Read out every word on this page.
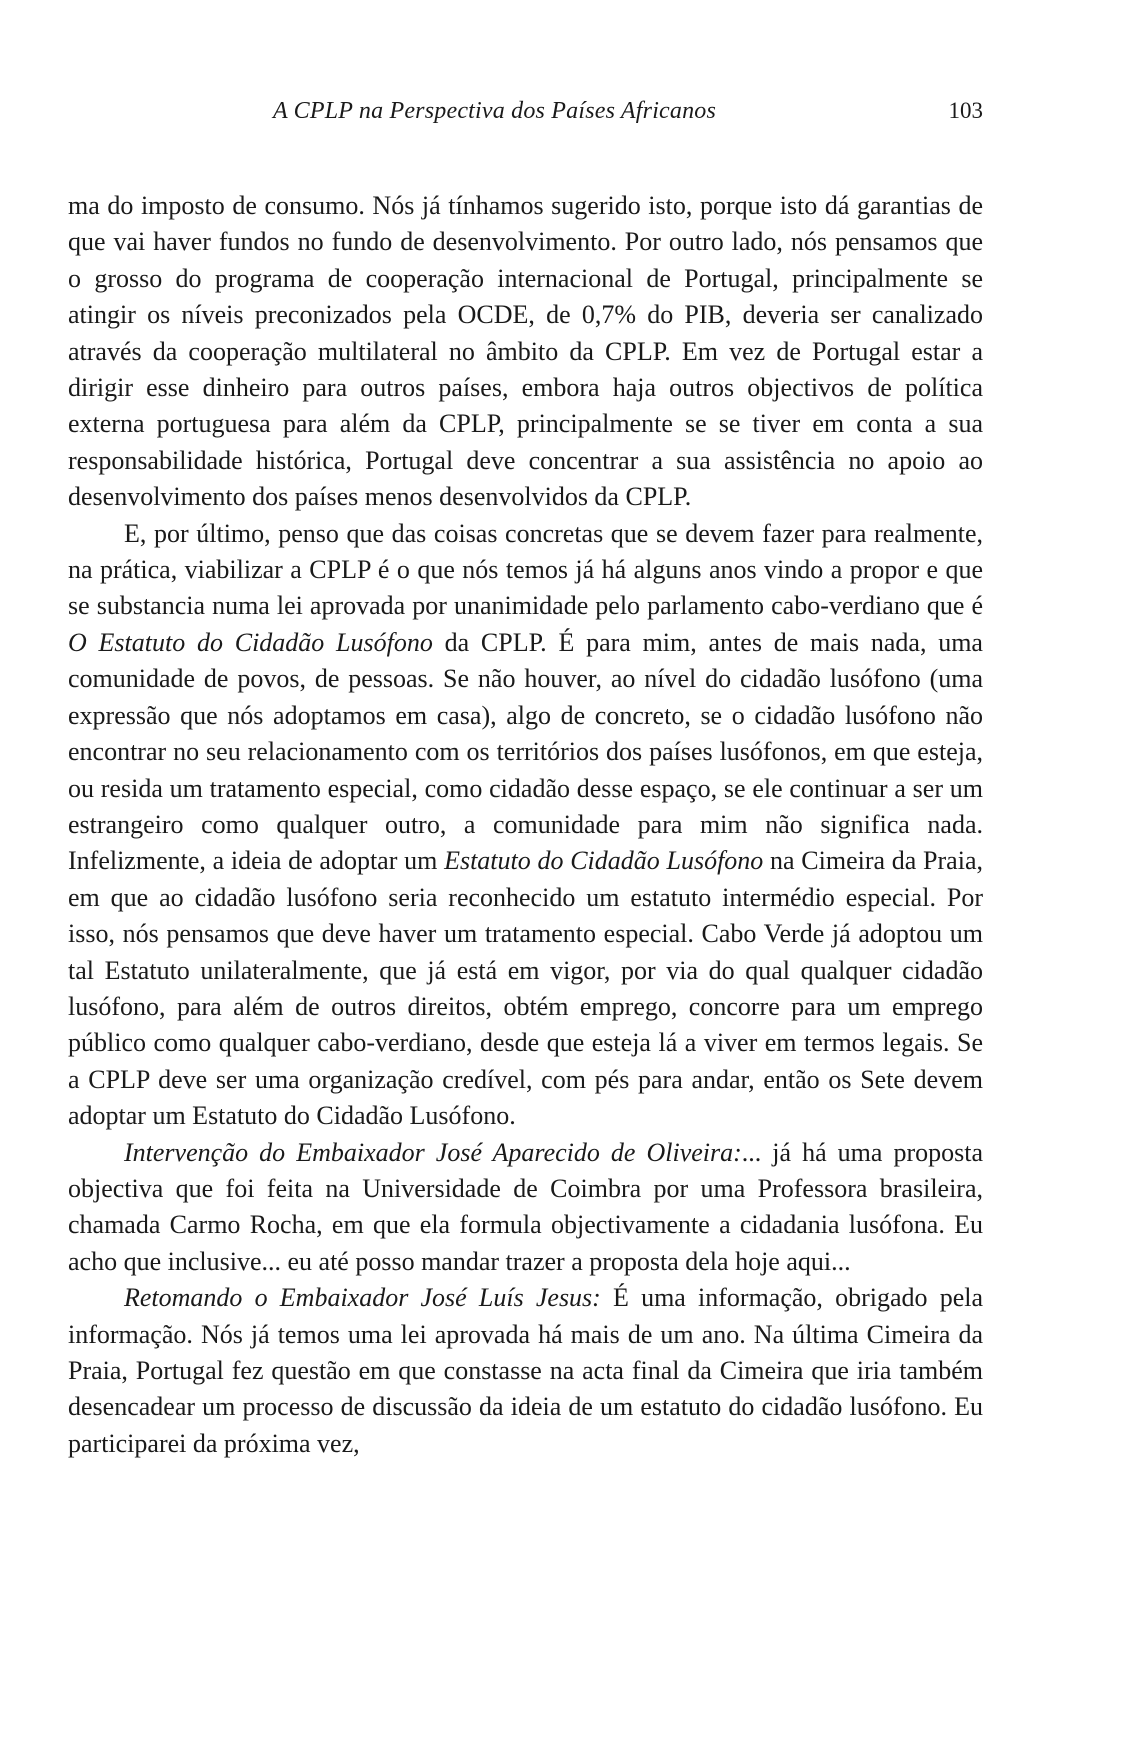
A CPLP na Perspectiva dos Países Africanos	103

ma do imposto de consumo. Nós já tínhamos sugerido isto, porque isto dá garantias de que vai haver fundos no fundo de desenvolvimento. Por outro lado, nós pensamos que o grosso do programa de cooperação internacional de Portugal, principalmente se atingir os níveis preconizados pela OCDE, de 0,7% do PIB, deveria ser canalizado através da cooperação multilateral no âmbito da CPLP. Em vez de Portugal estar a dirigir esse dinheiro para outros países, embora haja outros objectivos de política externa portuguesa para além da CPLP, principalmente se se tiver em conta a sua responsabilidade histórica, Portugal deve concentrar a sua assistência no apoio ao desenvolvimento dos países menos desenvolvidos da CPLP.

E, por último, penso que das coisas concretas que se devem fazer para realmente, na prática, viabilizar a CPLP é o que nós temos já há alguns anos vindo a propor e que se substancia numa lei aprovada por unanimidade pelo parlamento cabo-verdiano que é O Estatuto do Cidadão Lusófono da CPLP. É para mim, antes de mais nada, uma comunidade de povos, de pessoas. Se não houver, ao nível do cidadão lusófono (uma expressão que nós adoptamos em casa), algo de concreto, se o cidadão lusófono não encontrar no seu relacionamento com os territórios dos países lusófonos, em que esteja, ou resida um tratamento especial, como cidadão desse espaço, se ele continuar a ser um estrangeiro como qualquer outro, a comunidade para mim não significa nada. Infelizmente, a ideia de adoptar um Estatuto do Cidadão Lusófono na Cimeira da Praia, em que ao cidadão lusófono seria reconhecido um estatuto intermédio especial. Por isso, nós pensamos que deve haver um tratamento especial. Cabo Verde já adoptou um tal Estatuto unilateralmente, que já está em vigor, por via do qual qualquer cidadão lusófono, para além de outros direitos, obtém emprego, concorre para um emprego público como qualquer cabo-verdiano, desde que esteja lá a viver em termos legais. Se a CPLP deve ser uma organização credível, com pés para andar, então os Sete devem adoptar um Estatuto do Cidadão Lusófono.

Intervenção do Embaixador José Aparecido de Oliveira:... já há uma proposta objectiva que foi feita na Universidade de Coimbra por uma Professora brasileira, chamada Carmo Rocha, em que ela formula objectivamente a cidadania lusófona. Eu acho que inclusive... eu até posso mandar trazer a proposta dela hoje aqui...

Retomando o Embaixador José Luís Jesus: É uma informação, obrigado pela informação. Nós já temos uma lei aprovada há mais de um ano. Na última Cimeira da Praia, Portugal fez questão em que constasse na acta final da Cimeira que iria também desencadear um processo de discussão da ideia de um estatuto do cidadão lusófono. Eu participarei da próxima vez,
